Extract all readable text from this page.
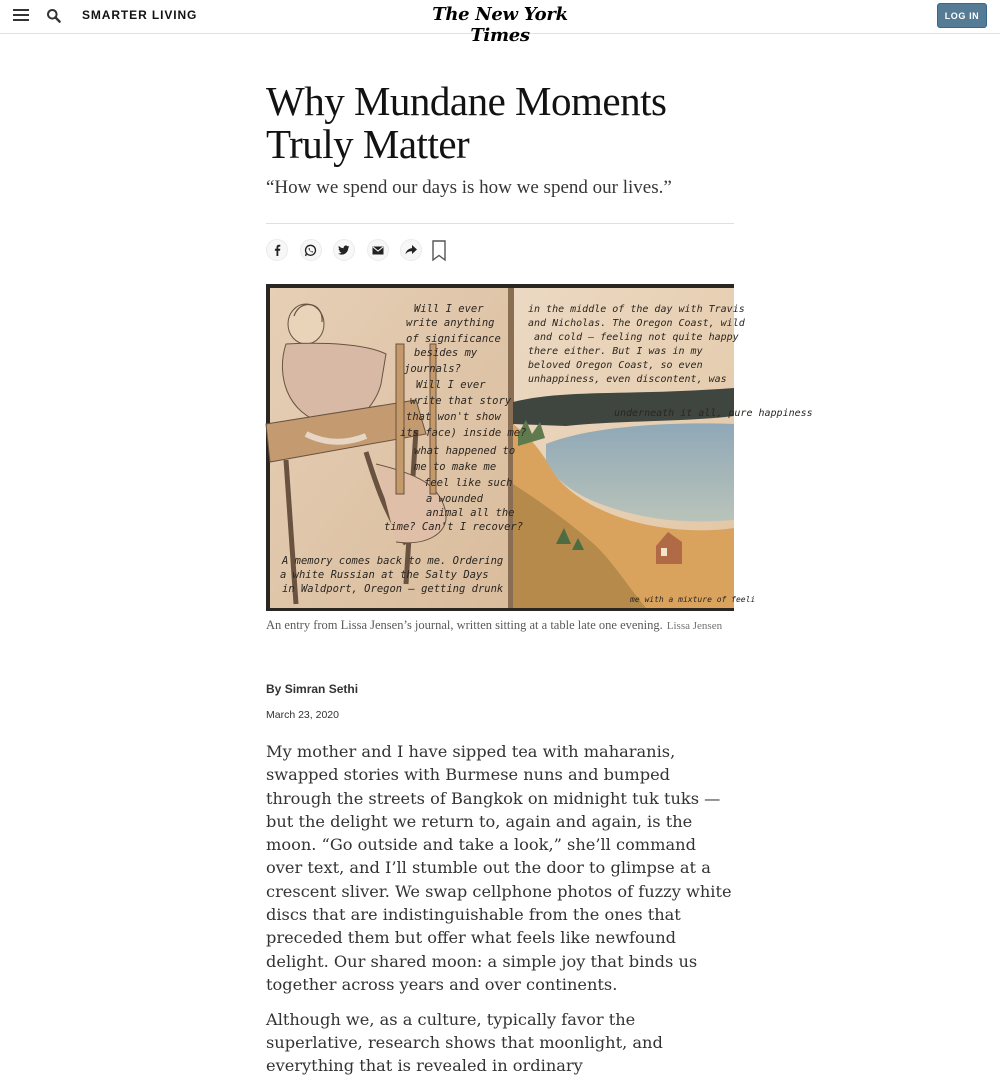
SMARTER LIVING	The New York Times
LOG IN
Why Mundane Moments Truly Matter

“How we spend our days is how we spend our lives.”

Will I ever
write anything
of significance
besides my
journals?
Will I ever
write that story
that won't show
its face) inside me?
what happened to
me to make me
feel like such
a wounded
animal all the
time? Can't I recover?
A memory comes back to me. Ordering
a white Russian at the Salty Days
in Waldport, Oregon — getting drunk
in the middle of the day with Travis
and Nicholas. The Oregon Coast, wild
and cold — feeling not quite happy
there either. But I was in my
beloved Oregon Coast, so even
unhappiness, even discontent, was
underneath it all, pure happiness
me with a mixture of feeli
An entry from Lissa Jensen’s journal, written sitting at a table late one evening. Lissa Jensen
By Simran Sethi
March 23, 2020

My mother and I have sipped tea with maharanis, swapped stories with Burmese nuns and bumped through the streets of Bangkok on midnight tuk tuks — but the delight we return to, again and again, is the moon. “Go outside and take a look,” she’ll command over text, and I’ll stumble out the door to glimpse at a crescent sliver. We swap cellphone photos of fuzzy white discs that are indistinguishable from the ones that preceded them but offer what feels like newfound delight. Our shared moon: a simple joy that binds us together across years and over continents.

Although we, as a culture, typically favor the superlative, research shows that moonlight, and everything that is revealed in ordinary
